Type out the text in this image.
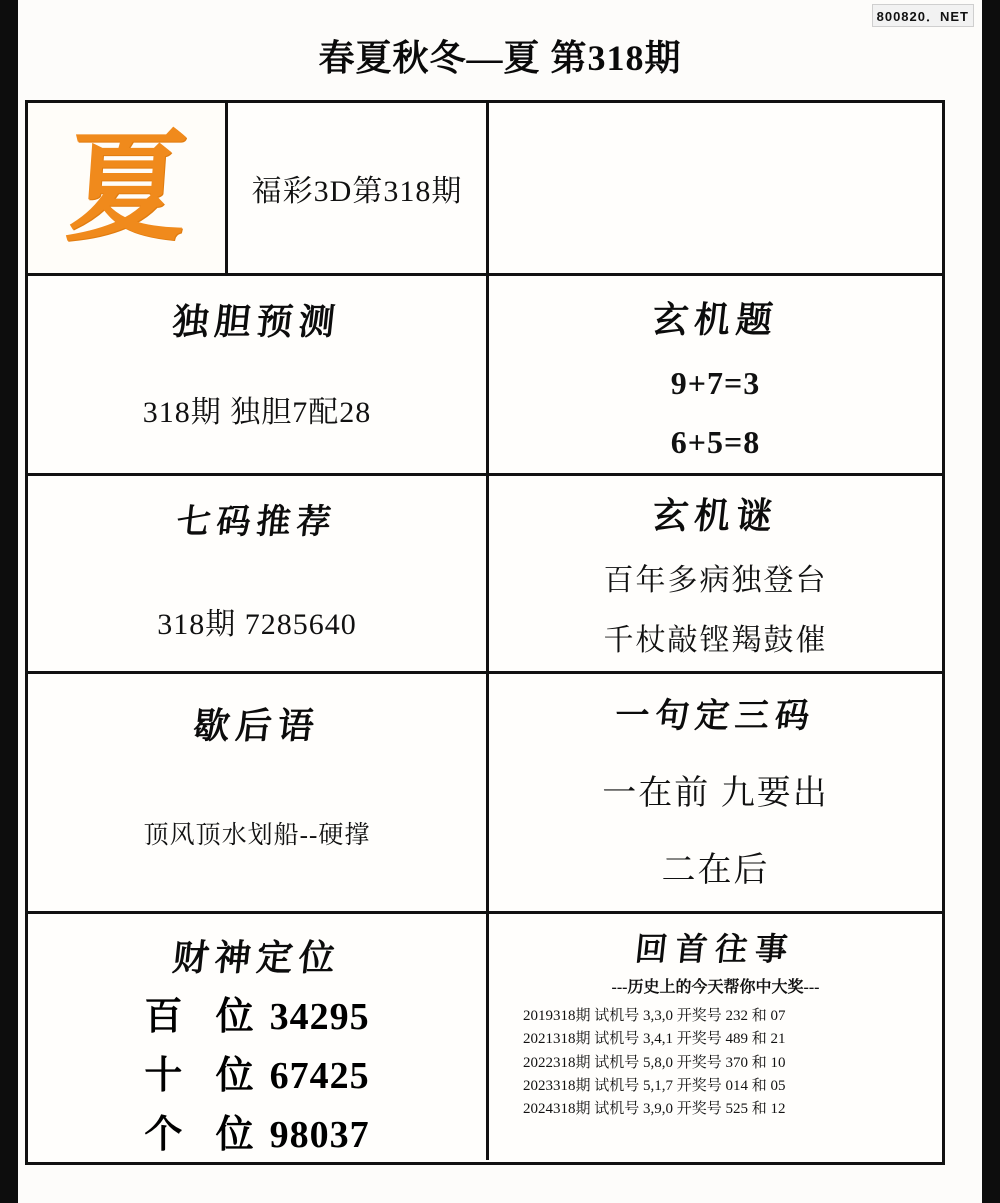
800820．NET
春夏秋冬—夏 第318期
夏 福彩3D第318期
独胆预测
318期 独胆7配28
玄机题
9+7=3
6+5=8
七码推荐
318期 7285640
玄机谜
百年多病独登台
千杖敲铿羯鼓催
歇后语
顶风顶水划船--硬撑
一句定三码
一在前 九要出
二在后
财神定位
百 位 34295
十 位 67425
个 位 98037
回首往事
---历史上的今天帮你中大奖---
2019318期 试机号 3,3,0 开奖号 232 和 07
2021318期 试机号 3,4,1 开奖号 489 和 21
2022318期 试机号 5,8,0 开奖号 370 和 10
2023318期 试机号 5,1,7 开奖号 014 和 05
2024318期 试机号 3,9,0 开奖号 525 和 12
